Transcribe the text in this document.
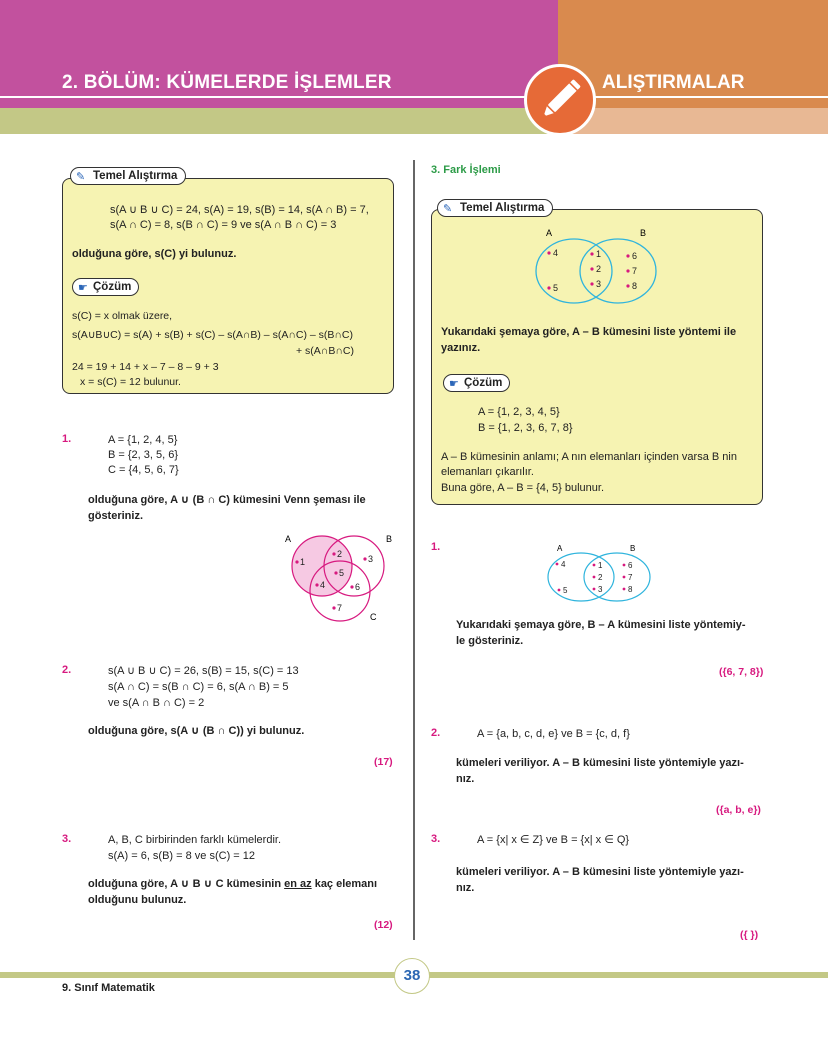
2. BÖLÜM: KÜMELERDE İŞLEMLER	ALIŞTIRMALAR
✎ Temel Alıştırma
s(A ∪ B ∪ C) = 24, s(A) = 19, s(B) = 14, s(A ∩ B) = 7,
s(A ∩ C) = 8, s(B ∩ C) = 9 ve s(A ∩ B ∩ C) = 3
olduğuna göre, s(C) yi bulunuz.
☛ Çözüm
s(C) = x olmak üzere,
s(A∪B∪C) = s(A) + s(B) + s(C) – s(A∩B) – s(A∩C) – s(B∩C)
+ s(A∩B∩C)
24 = 19 + 14 + x – 7 – 8 – 9 + 3
x = s(C) = 12 bulunur.
1.	A = {1, 2, 4, 5}
B = {2, 3, 5, 6}
C = {4, 5, 6, 7}
olduğuna göre, A ∪ (B ∩ C) kümesini Venn şeması ile
gösteriniz.
A	B
C
1
2	3
4
5
6
7
2.	s(A ∪ B ∪ C) = 26, s(B) = 15, s(C) = 13
s(A ∩ C) = s(B ∩ C) = 6, s(A ∩ B) = 5
ve s(A ∩ B ∩ C) = 2
olduğuna göre, s(A ∪ (B ∩ C)) yi bulunuz.
(17)
3.	A, B, C birbirinden farklı kümelerdir.
s(A) = 6, s(B) = 8 ve s(C) = 12
olduğuna göre, A ∪ B ∪ C kümesinin en az kaç elemanı
olduğunu bulunuz.
(12)
3. Fark İşlemi
✎ Temel Alıştırma
A	B
4
5
1
2
3
6
7
8
Yukarıdaki şemaya göre, A – B kümesini liste yöntemi ile
yazınız.
☛ Çözüm
A = {1, 2, 3, 4, 5}
B = {1, 2, 3, 6, 7, 8}
A – B kümesinin anlamı; A nın elemanları içinden varsa B nin
elemanları çıkarılır.
Buna göre, A – B = {4, 5} bulunur.
1.	A	B
4
5
1
2
3
6
7
8
Yukarıdaki şemaya göre, B – A kümesini liste yöntemiy-
le gösteriniz.
({6, 7, 8})
2.	A = {a, b, c, d, e} ve B = {c, d, f}
kümeleri veriliyor. A – B kümesini liste yöntemiyle yazı-
nız.
({a, b, e})
3.	A = {x| x ∈ Z} ve B = {x| x ∈ Q}
kümeleri veriliyor. A – B kümesini liste yöntemiyle yazı-
nız.
({ })
38
9. Sınıf Matematik
